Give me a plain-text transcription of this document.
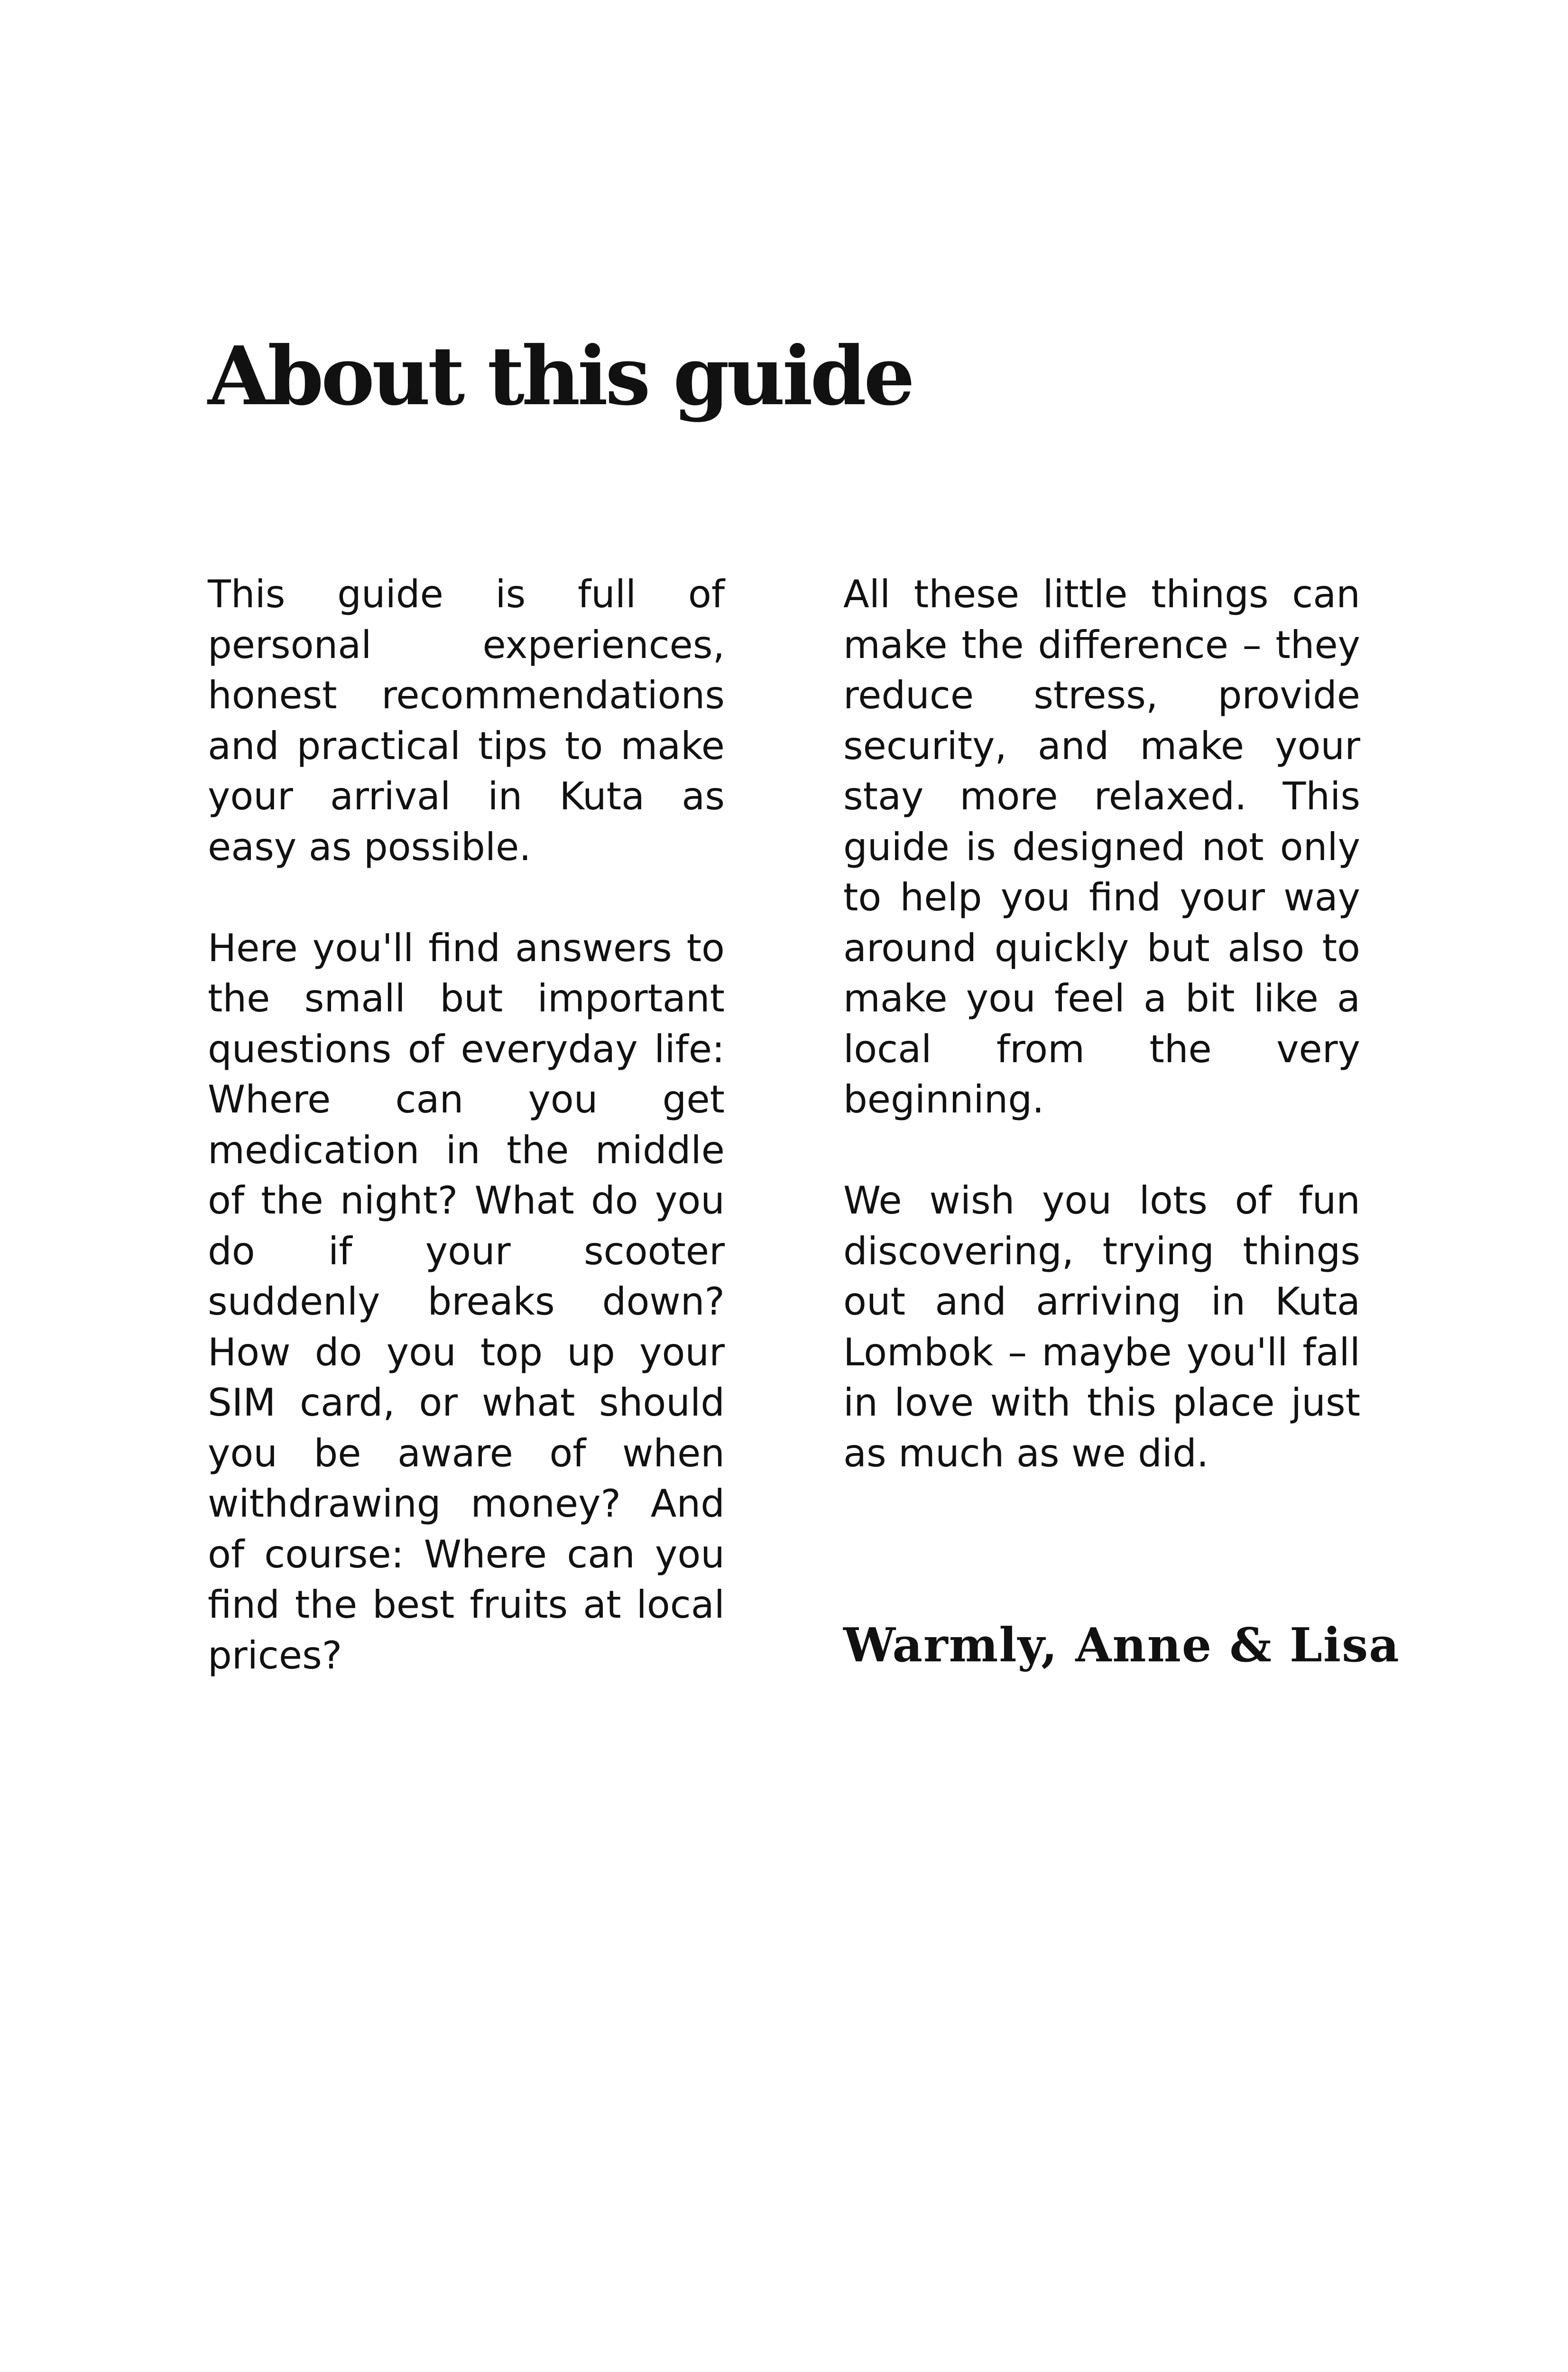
About this guide

This guide is full of personal experiences, honest recommendations and practical tips to make your arrival in Kuta as easy as possible.

Here you'll find answers to the small but important questions of everyday life: Where can you get medication in the middle of the night? What do you do if your scooter suddenly breaks down? How do you top up your SIM card, or what should you be aware of when withdrawing money? And of course: Where can you find the best fruits at local prices?

All these little things can make the difference – they reduce stress, provide security, and make your stay more relaxed. This guide is designed not only to help you find your way around quickly but also to make you feel a bit like a local from the very beginning.

We wish you lots of fun discovering, trying things out and arriving in Kuta Lombok – maybe you'll fall in love with this place just as much as we did.

Warmly, Anne & Lisa
